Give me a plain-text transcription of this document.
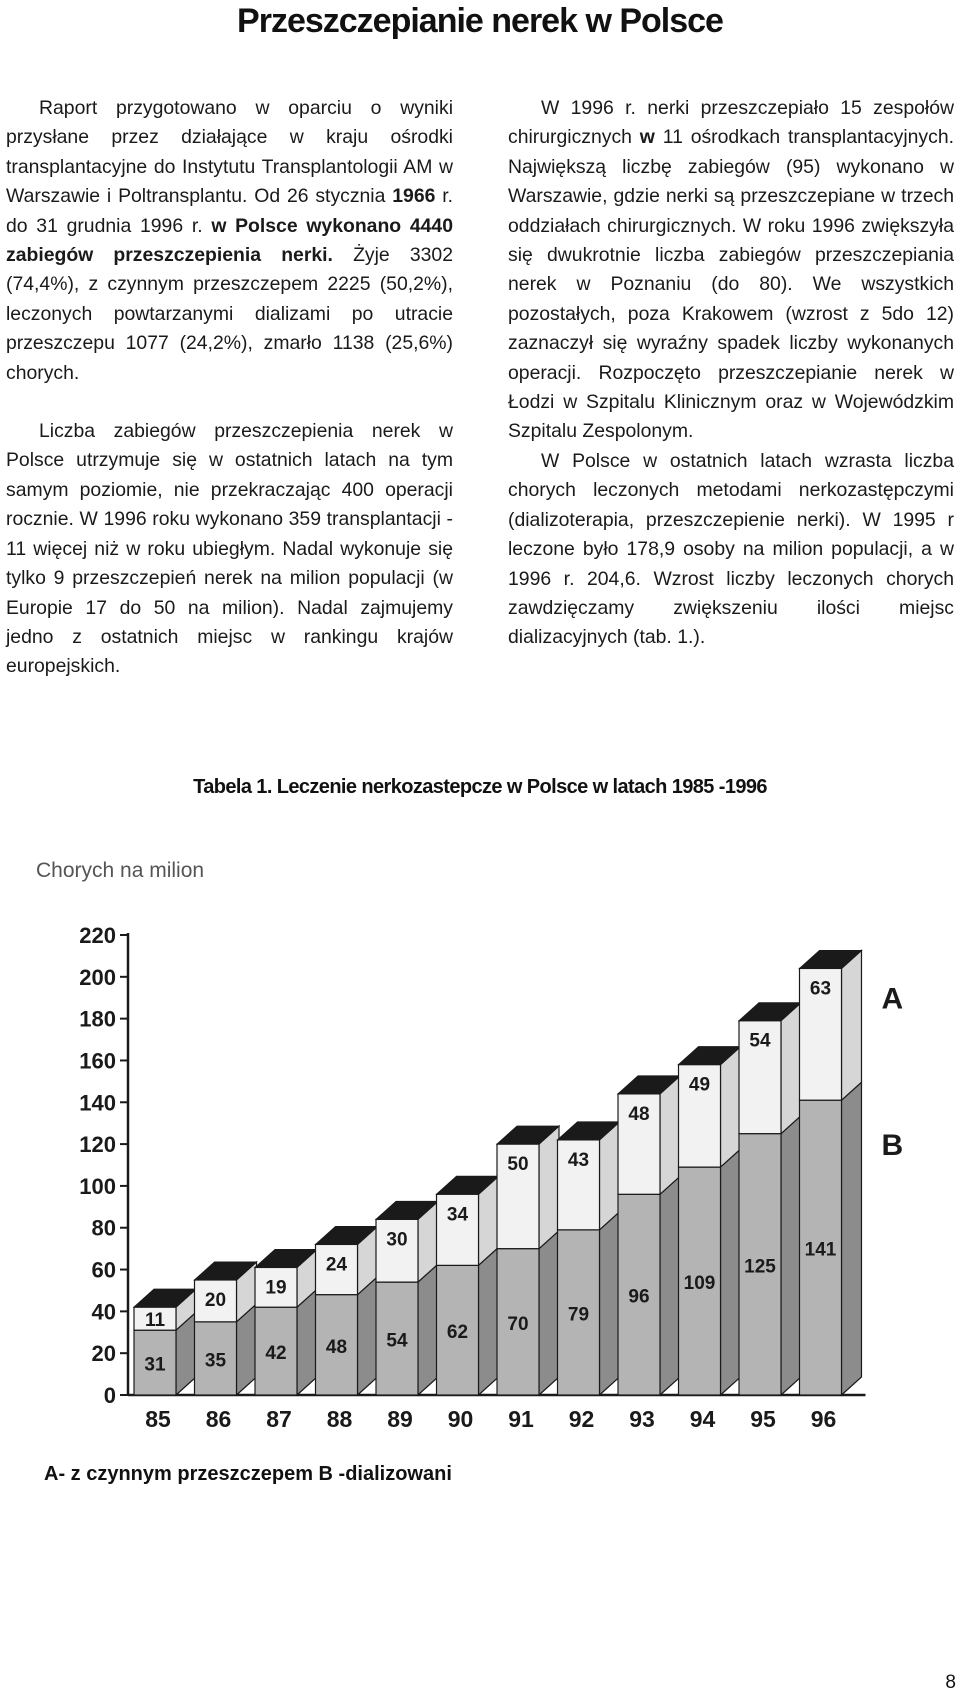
Przeszczepianie nerek w Polsce

Raport przygotowano w oparciu o wyniki przysłane przez działające w kraju ośrodki transplantacyjne do Instytutu Transplantologii AM w Warszawie i Poltransplantu. Od 26 stycznia 1966 r. do 31 grudnia 1996 r. w Polsce wykonano 4440 zabiegów przeszczepienia nerki. Żyje 3302 (74,4%), z czynnym przeszczepem 2225 (50,2%), leczonych powtarzanymi dializami po utracie przeszczepu 1077 (24,2%), zmarło 1138 (25,6%) chorych.

Liczba zabiegów przeszczepienia nerek w Polsce utrzymuje się w ostatnich latach na tym samym poziomie, nie przekraczając 400 operacji rocznie. W 1996 roku wykonano 359 transplantacji - 11 więcej niż w roku ubiegłym. Nadal wykonuje się tylko 9 przeszczepień nerek na milion populacji (w Europie 17 do 50 na milion). Nadal zajmujemy jedno z ostatnich miejsc w rankingu krajów europejskich.

W 1996 r. nerki przeszczepiało 15 zespołów chirurgicznych w 11 ośrodkach transplantacyjnych. Największą liczbę zabiegów (95) wykonano w Warszawie, gdzie nerki są przeszczepiane w trzech oddziałach chirurgicznych. W roku 1996 zwiększyła się dwukrotnie liczba zabiegów przeszczepiania nerek w Poznaniu (do 80). We wszystkich pozostałych, poza Krakowem (wzrost z 5do 12) zaznaczył się wyraźny spadek liczby wykonanych operacji. Rozpoczęto przeszczepianie nerek w Łodzi w Szpitalu Klinicznym oraz w Wojewódzkim Szpitalu Zespolonym.

W Polsce w ostatnich latach wzrasta liczba chorych leczonych metodami nerkozastępczymi (dializoterapia, przeszczepienie nerki). W 1995 r leczone było 178,9 osoby na milion populacji, a w 1996 r. 204,6. Wzrost liczby leczonych chorych zawdzięczamy zwiększeniu ilości miejsc dializacyjnych (tab. 1.).

Tabela 1. Leczenie nerkozastepcze w Polsce w latach 1985 -1996
Chorych na milion
0
20
40
60
80
100
120
140
160
180
200
220
31
11
85
35
20
86
42
19
87
48
24
88
54
30
89
62
34
90
70
50
91
79
43
92
96
48
93
109
49
94
125
54
95
141
63
96
A
B
A- z czynnym przeszczepem B -dializowani
8
